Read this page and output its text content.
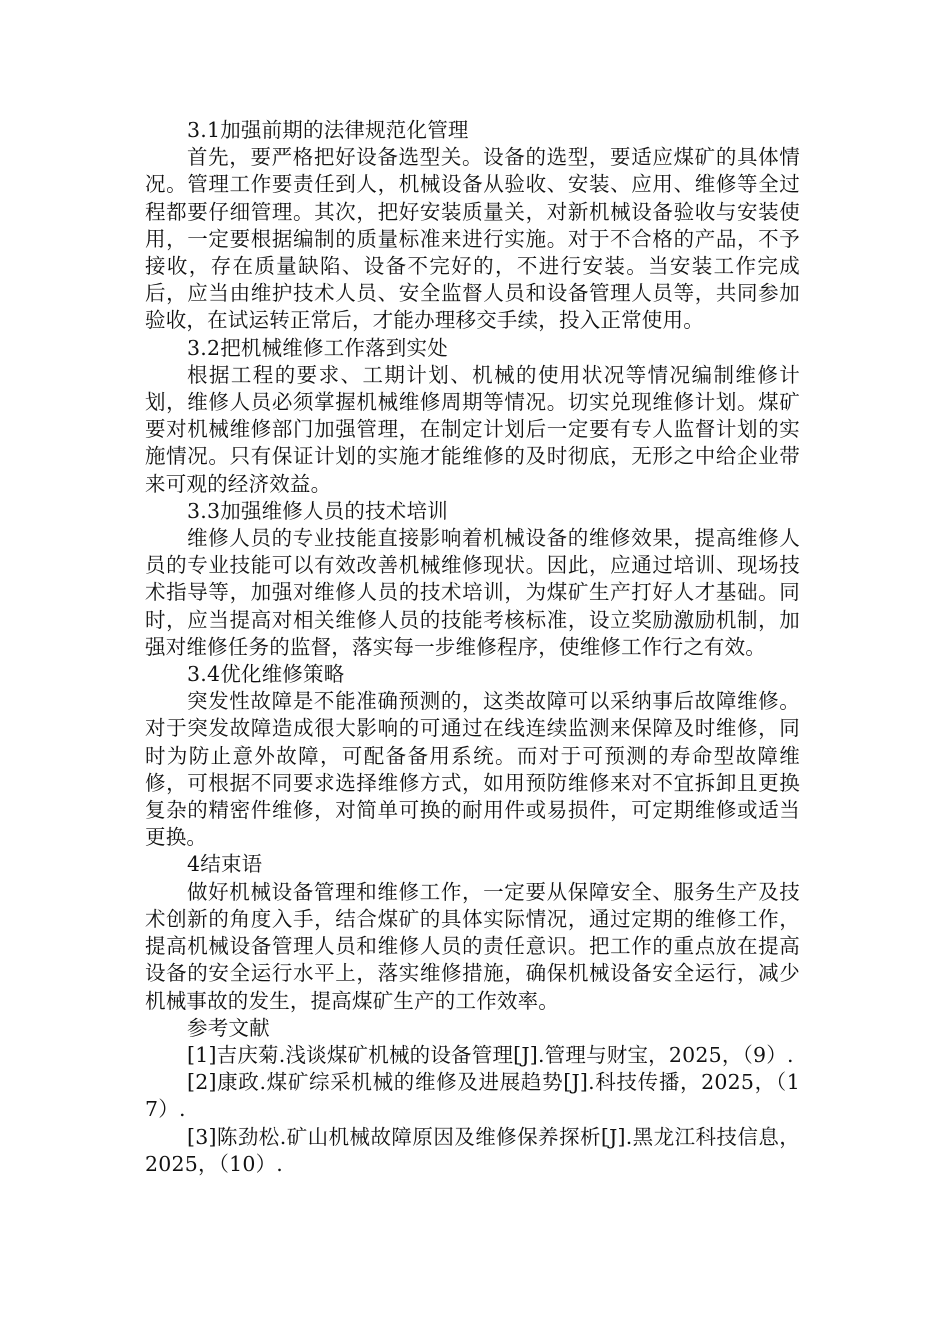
3.1加强前期的法律规范化管理

首先，要严格把好设备选型关。设备的选型，要适应煤矿的具体情况。管理工作要责任到人，机械设备从验收、安装、应用、维修等全过程都要仔细管理。其次，把好安装质量关，对新机械设备验收与安装使用，一定要根据编制的质量标准来进行实施。对于不合格的产品，不予接收，存在质量缺陷、设备不完好的，不进行安装。当安装工作完成后，应当由维护技术人员、安全监督人员和设备管理人员等，共同参加验收，在试运转正常后，才能办理移交手续，投入正常使用。

3.2把机械维修工作落到实处

根据工程的要求、工期计划、机械的使用状况等情况编制维修计划，维修人员必须掌握机械维修周期等情况。切实兑现维修计划。煤矿要对机械维修部门加强管理，在制定计划后一定要有专人监督计划的实施情况。只有保证计划的实施才能维修的及时彻底，无形之中给企业带来可观的经济效益。

3.3加强维修人员的技术培训

维修人员的专业技能直接影响着机械设备的维修效果，提高维修人员的专业技能可以有效改善机械维修现状。因此，应通过培训、现场技术指导等，加强对维修人员的技术培训，为煤矿生产打好人才基础。同时，应当提高对相关维修人员的技能考核标准，设立奖励激励机制，加强对维修任务的监督，落实每一步维修程序，使维修工作行之有效。

3.4优化维修策略

突发性故障是不能准确预测的，这类故障可以采纳事后故障维修。对于突发故障造成很大影响的可通过在线连续监测来保障及时维修，同时为防止意外故障，可配备备用系统。而对于可预测的寿命型故障维修，可根据不同要求选择维修方式，如用预防维修来对不宜拆卸且更换复杂的精密件维修，对简单可换的耐用件或易损件，可定期维修或适当更换。

4结束语

做好机械设备管理和维修工作，一定要从保障安全、服务生产及技术创新的角度入手，结合煤矿的具体实际情况，通过定期的维修工作，提高机械设备管理人员和维修人员的责任意识。把工作的重点放在提高设备的安全运行水平上，落实维修措施，确保机械设备安全运行，减少机械事故的发生，提高煤矿生产的工作效率。

参考文献

[1]吉庆菊.浅谈煤矿机械的设备管理[J].管理与财宝，2025，（9）.

[2]康政.煤矿综采机械的维修及进展趋势[J].科技传播，2025，（17）.

[3]陈劲松.矿山机械故障原因及维修保养探析[J].黑龙江科技信息，2025，（10）.
